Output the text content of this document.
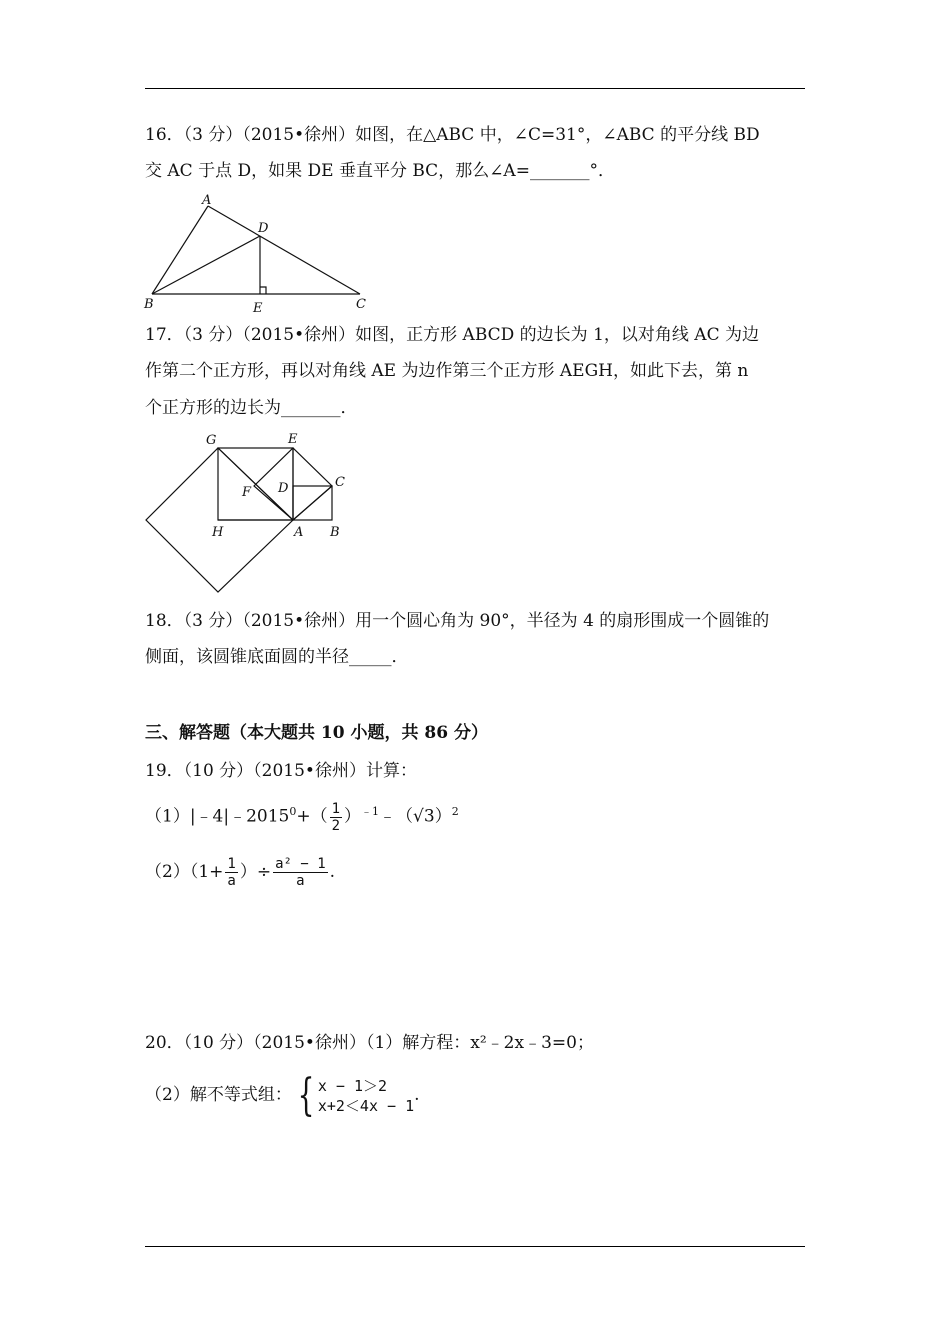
16．（3 分）（2015•徐州）如图，在△ABC 中，∠C=31°，∠ABC 的平分线 BD
交 AC 于点 D，如果 DE 垂直平分 BC，那么∠A=_______°．
A
B	C
D
E
17．（3 分）（2015•徐州）如图，正方形 ABCD 的边长为 1，以对角线 AC 为边
作第二个正方形，再以对角线 AE 为边作第三个正方形 AEGH，如此下去，第 n
个正方形的边长为_______．
G	E
C
D
F
H	A B
18．（3 分）（2015•徐州）用一个圆心角为 90°，半径为 4 的扇形围成一个圆锥的
侧面，该圆锥底面圆的半径_____．
三、解答题（本大题共 10 小题，共 86 分）
19．（10 分）（2015•徐州）计算：
$(1)|﹣4|﹣2015^0+( \frac{1}{2}$ ）$^{﹣1}﹣(√3)^2$
$(2)(1+ \frac{1}{a}$ ）÷ $\frac{\text{a² − 1}}{a}$ .
20．（10 分）（2015•徐州）（1）解方程：x²﹣2x﹣3=0；
（2）解不等式组： { x − 1＞2
x+2＜4x − 1
.
